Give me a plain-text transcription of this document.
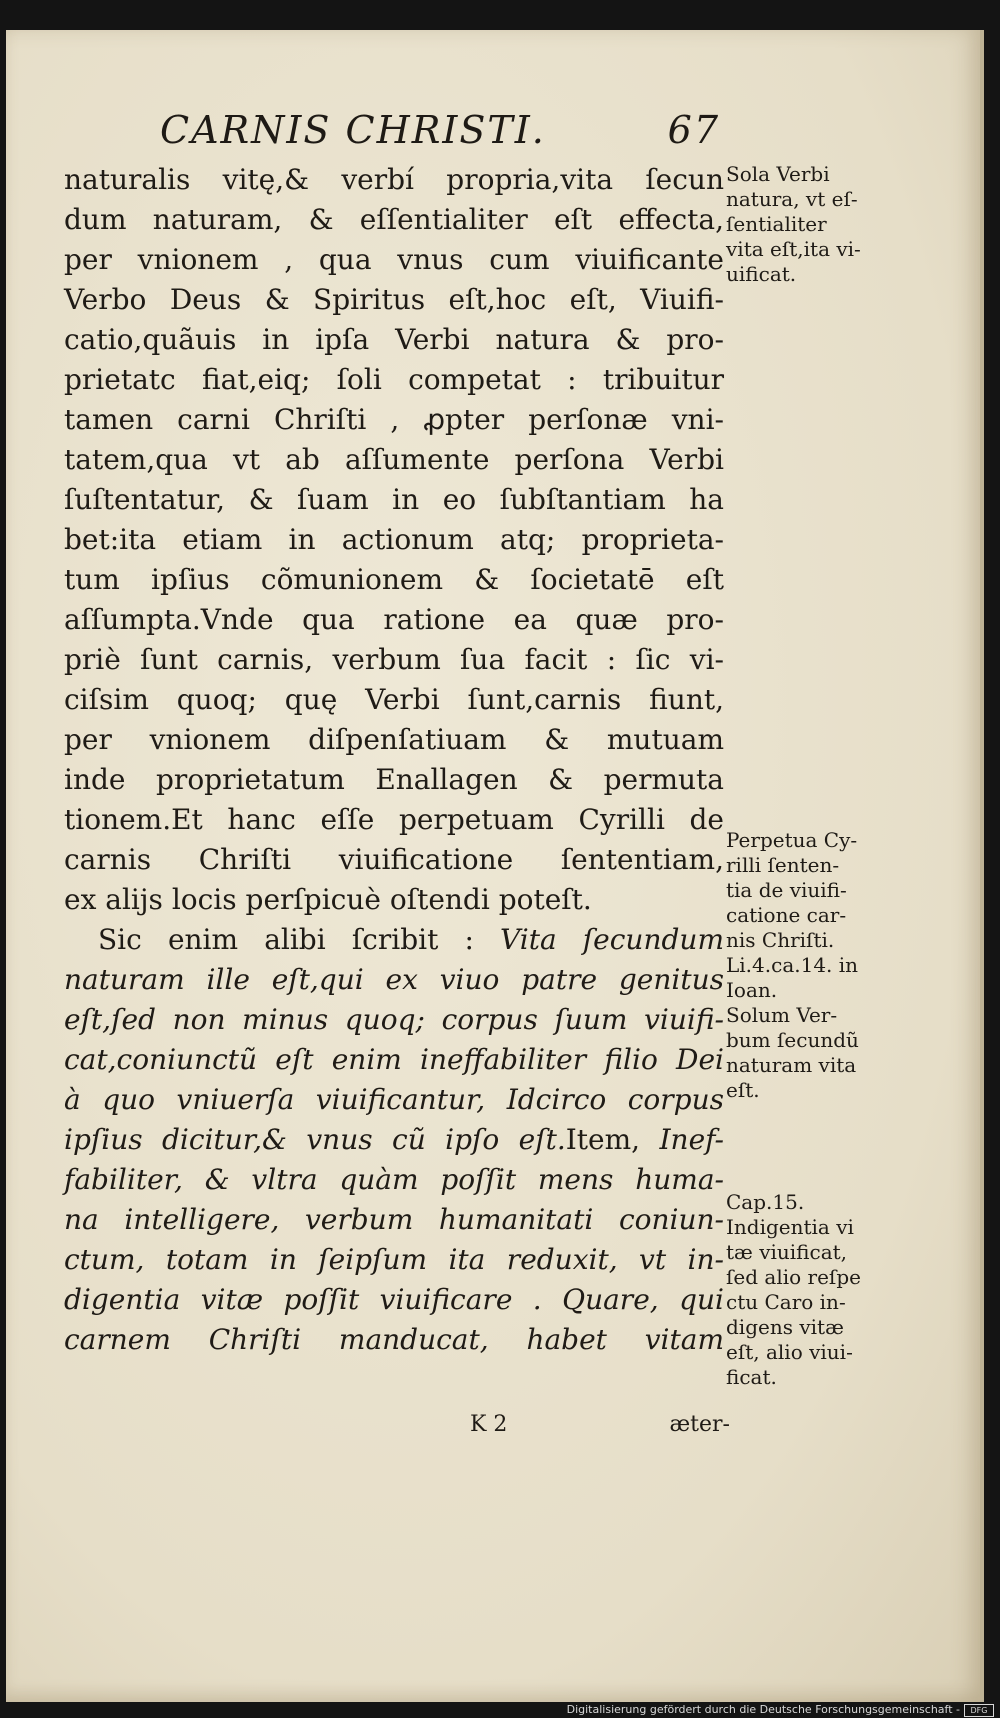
CARNIS CHRISTI.	67
naturalis vitę,& verbí propria,vita ſecun
dum naturam, & eſſentialiter eſt effecta,
per vnionem , qua vnus cum viuificante
Verbo Deus & Spiritus eſt,hoc eſt, Viuifi-
catio,quãuis in ipſa Verbi natura & pro-
prietatc fiat,eiq; ſoli competat : tribuitur
tamen carni Chriſti , ꝓpter perſonæ vni-
tatem,qua vt ab aſſumente perſona Verbi
ſuſtentatur, & ſuam in eo ſubſtantiam ha
bet:ita etiam in actionum atq; proprieta-
tum ipſius cõmunionem & ſocietatē eſt
aſſumpta.Vnde qua ratione ea quæ pro-
priè ſunt carnis, verbum ſua facit : ſic vi-
ciſsim quoq; quę Verbi ſunt,carnis fiunt,
per vnionem diſpenſatiuam & mutuam
inde proprietatum Enallagen & permuta
tionem.Et hanc eſſe perpetuam Cyrilli de
carnis Chriſti viuificatione ſententiam,
ex alijs locis perſpicuè oſtendi poteſt.
Sic enim alibi ſcribit : Vita ſecundum
naturam ille eſt,qui ex viuo patre genitus
eſt,ſed non minus quoq; corpus ſuum viuifi-
cat,coniunctũ eſt enim ineffabiliter filio Dei
à quo vniuerſa viuificantur, Idcirco corpus
ipſius dicitur,& vnus cũ ipſo eſt.Item, Inef-
fabiliter, & vltra quàm poſſit mens huma-
na intelligere, verbum humanitati coniun-
ctum, totam in ſeipſum ita reduxit, vt in-
digentia vitæ poſſit viuificare . Quare, qui
carnem Chriſti manducat, habet vitam
K 2	æter-
Sola Verbi
natura, vt eſ-
ſentialiter
vita eſt,ita vi-
uificat.
Perpetua Cy-
rilli ſenten-
tia de viuifi-
catione car-
nis Chriſti.
Li.4.ca.14. in
Ioan.
Solum Ver-
bum ſecundũ
naturam vita
eſt.
Cap.15.
Indigentia vi
tæ viuificat,
ſed alio reſpe
ctu Caro in-
digens vitæ
eſt, alio viui-
ficat.
Digitalisierung gefördert durch die Deutsche Forschungsgemeinschaft -	DFG
